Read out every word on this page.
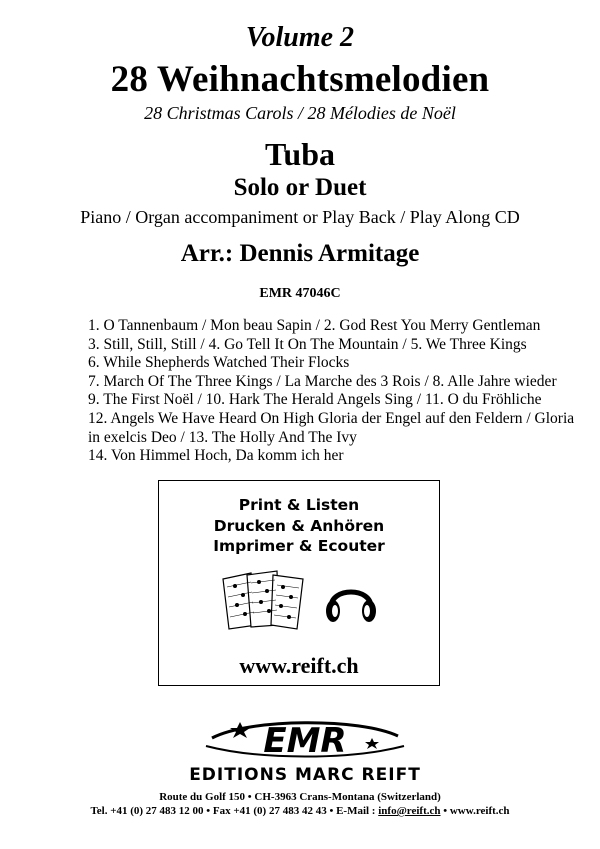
Volume 2
28 Weihnachtsmelodien
28 Christmas Carols / 28 Mélodies de Noël
Tuba
Solo or Duet
Piano / Organ accompaniment or Play Back / Play Along CD
Arr.: Dennis Armitage
EMR 47046C
1. O Tannenbaum / Mon beau Sapin / 2. God Rest You Merry Gentleman
3. Still, Still, Still / 4. Go Tell It On The Mountain / 5. We Three Kings
6. While Shepherds Watched Their Flocks
7. March Of The Three Kings / La Marche des 3 Rois / 8. Alle Jahre wieder
9. The First Noël / 10. Hark The Herald Angels Sing / 11. O du Fröhliche
12. Angels We Have Heard On High Gloria der Engel auf den Feldern / Gloria
in exelcis Deo / 13. The Holly And The Ivy
14. Von Himmel Hoch, Da komm ich her
Print & Listen
Drucken & Anhören
Imprimer & Ecouter
www.reift.ch
EMR
EDITIONS MARC REIFT
Route du Golf 150 • CH-3963 Crans-Montana (Switzerland)
Tel. +41 (0) 27 483 12 00 • Fax +41 (0) 27 483 42 43 • E-Mail : info@reift.ch • www.reift.ch
